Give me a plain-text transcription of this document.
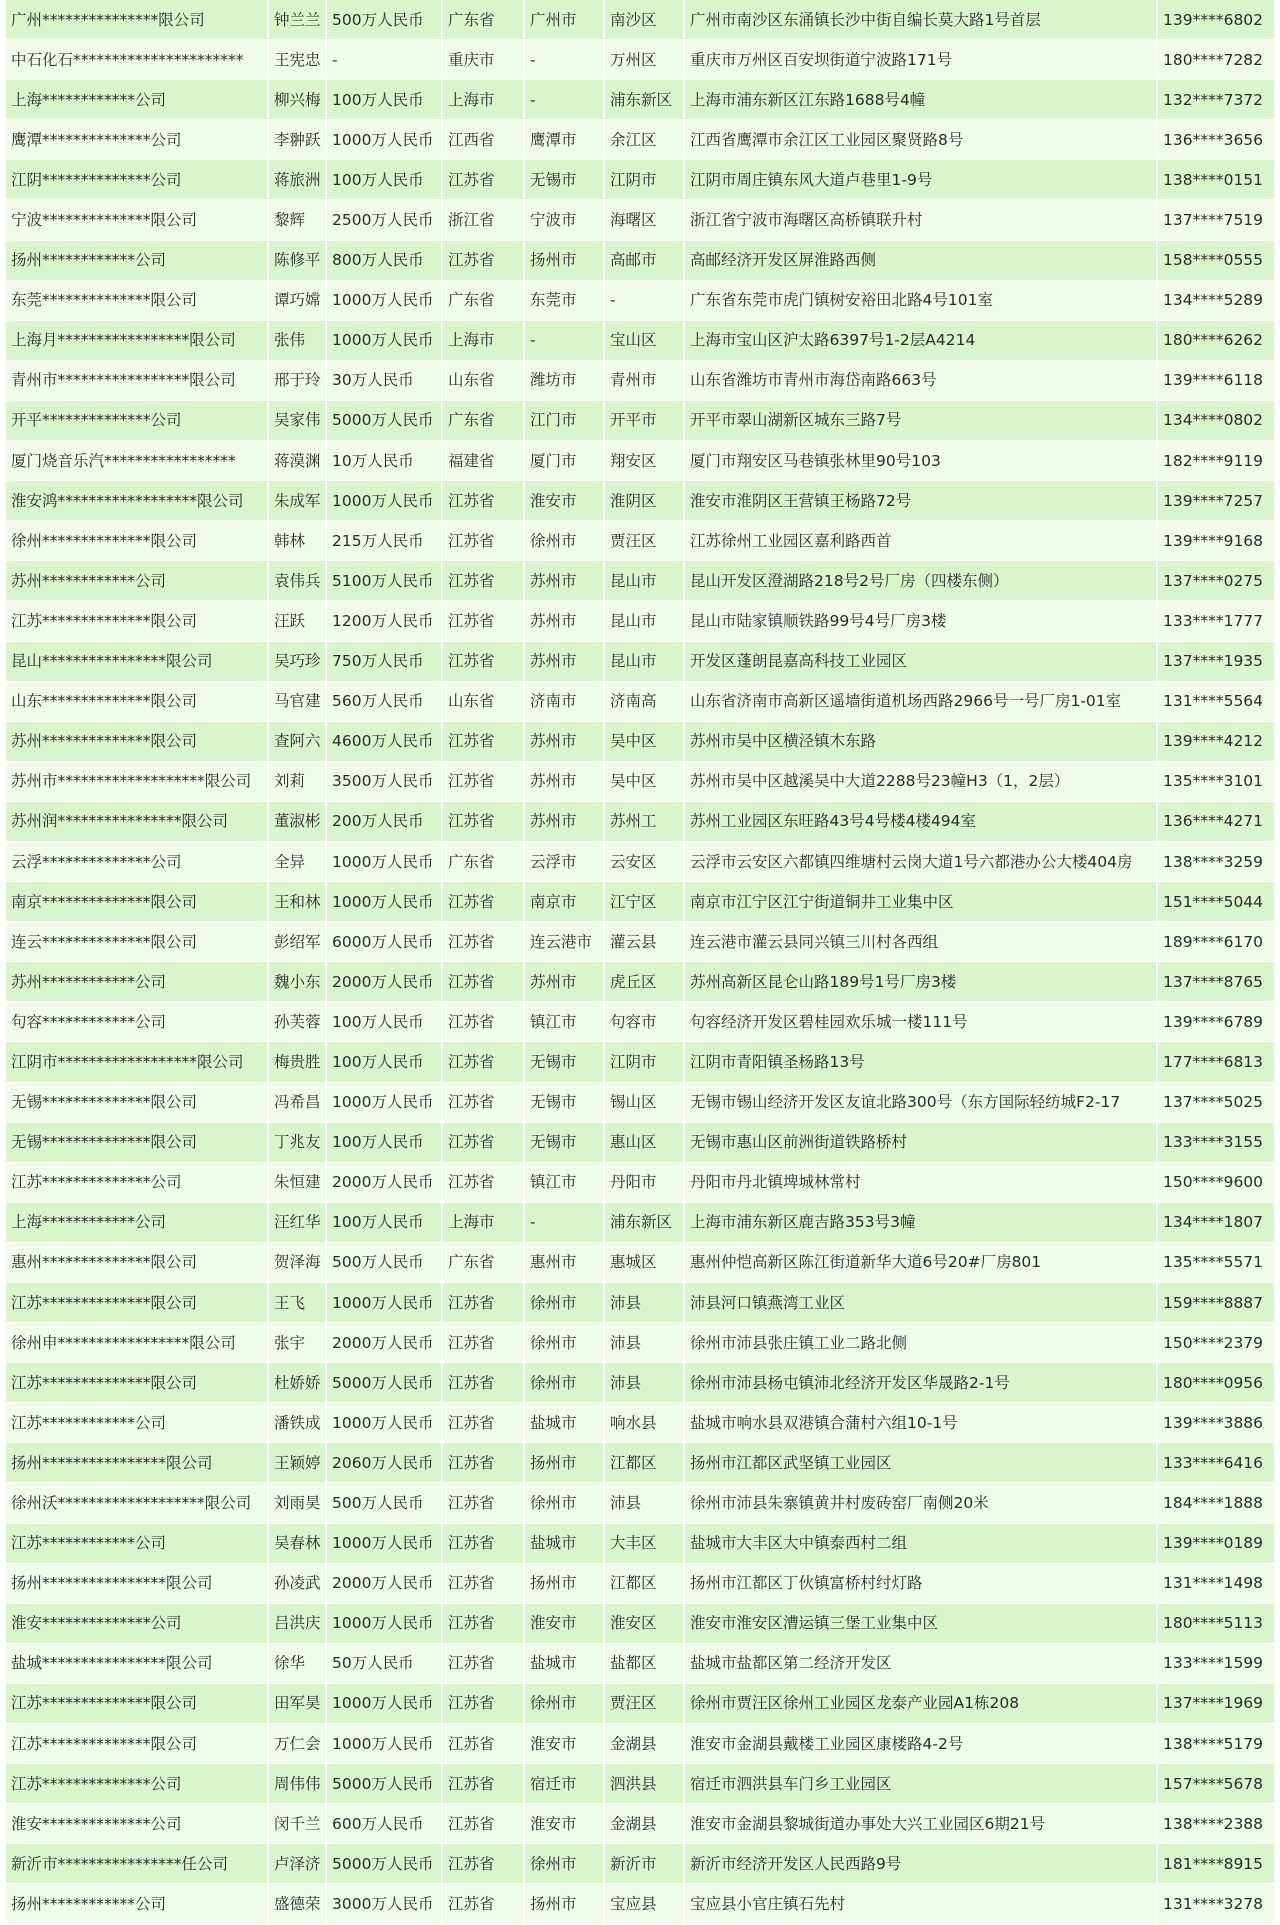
广州***************限公司	钟兰兰	500万人民币	广东省	广州市	南沙区	广州市南沙区东涌镇长沙中街自编长莫大路1号首层	139****6802
中石化石**********************	王宪忠	-	重庆市	-	万州区	重庆市万州区百安坝街道宁波路171号	180****7282
上海************公司	柳兴梅	100万人民币	上海市	-	浦东新区	上海市浦东新区江东路1688号4幢	132****7372
鹰潭**************公司	李翀跃	1000万人民币	江西省	鹰潭市	余江区	江西省鹰潭市余江区工业园区聚贤路8号	136****3656
江阴**************公司	蒋旅洲	100万人民币	江苏省	无锡市	江阴市	江阴市周庄镇东风大道卢巷里1-9号	138****0151
宁波**************限公司	黎辉	2500万人民币	浙江省	宁波市	海曙区	浙江省宁波市海曙区高桥镇联升村	137****7519
扬州************公司	陈修平	800万人民币	江苏省	扬州市	高邮市	高邮经济开发区屏淮路西侧	158****0555
东莞**************限公司	谭巧嫦	1000万人民币	广东省	东莞市	-	广东省东莞市虎门镇树安裕田北路4号101室	134****5289
上海月*****************限公司	张伟	1000万人民币	上海市	-	宝山区	上海市宝山区沪太路6397号1-2层A4214	180****6262
青州市*****************限公司	邢于玲	30万人民币	山东省	潍坊市	青州市	山东省潍坊市青州市海岱南路663号	139****6118
开平**************公司	吴家伟	5000万人民币	广东省	江门市	开平市	开平市翠山湖新区城东三路7号	134****0802
厦门烧音乐汽*****************	蒋漠渊	10万人民币	福建省	厦门市	翔安区	厦门市翔安区马巷镇张林里90号103	182****9119
淮安鸿******************限公司	朱成军	1000万人民币	江苏省	淮安市	淮阴区	淮安市淮阴区王营镇王杨路72号	139****7257
徐州**************限公司	韩林	215万人民币	江苏省	徐州市	贾汪区	江苏徐州工业园区嘉利路西首	139****9168
苏州************公司	袁伟兵	5100万人民币	江苏省	苏州市	昆山市	昆山开发区澄湖路218号2号厂房（四楼东侧）	137****0275
江苏**************限公司	汪跃	1200万人民币	江苏省	苏州市	昆山市	昆山市陆家镇顺铁路99号4号厂房3楼	133****1777
昆山****************限公司	吴巧珍	750万人民币	江苏省	苏州市	昆山市	开发区蓬朗昆嘉高科技工业园区	137****1935
山东**************限公司	马官建	560万人民币	山东省	济南市	济南高	山东省济南市高新区遥墙街道机场西路2966号一号厂房1-01室	131****5564
苏州**************限公司	查阿六	4600万人民币	江苏省	苏州市	吴中区	苏州市吴中区横泾镇木东路	139****4212
苏州市*******************限公司	刘莉	3500万人民币	江苏省	苏州市	吴中区	苏州市吴中区越溪吴中大道2288号23幢H3（1，2层）	135****3101
苏州润****************限公司	董淑彬	200万人民币	江苏省	苏州市	苏州工	苏州工业园区东旺路43号4号楼4楼494室	136****4271
云浮**************公司	全异	1000万人民币	广东省	云浮市	云安区	云浮市云安区六都镇四维塘村云岗大道1号六都港办公大楼404房	138****3259
南京**************限公司	王和林	1000万人民币	江苏省	南京市	江宁区	南京市江宁区江宁街道铜井工业集中区	151****5044
连云**************限公司	彭绍军	6000万人民币	江苏省	连云港市	灌云县	连云港市灌云县同兴镇三川村各西组	189****6170
苏州************公司	魏小东	2000万人民币	江苏省	苏州市	虎丘区	苏州高新区昆仑山路189号1号厂房3楼	137****8765
句容************公司	孙芙蓉	100万人民币	江苏省	镇江市	句容市	句容经济开发区碧桂园欢乐城一楼111号	139****6789
江阴市******************限公司	梅贵胜	100万人民币	江苏省	无锡市	江阴市	江阴市青阳镇圣杨路13号	177****6813
无锡**************限公司	冯希昌	1000万人民币	江苏省	无锡市	锡山区	无锡市锡山经济开发区友谊北路300号（东方国际轻纺城F2-17	137****5025
无锡**************限公司	丁兆友	100万人民币	江苏省	无锡市	惠山区	无锡市惠山区前洲街道铁路桥村	133****3155
江苏**************公司	朱恒建	2000万人民币	江苏省	镇江市	丹阳市	丹阳市丹北镇埤城林常村	150****9600
上海************公司	汪红华	100万人民币	上海市	-	浦东新区	上海市浦东新区鹿吉路353号3幢	134****1807
惠州**************限公司	贺泽海	500万人民币	广东省	惠州市	惠城区	惠州仲恺高新区陈江街道新华大道6号20#厂房801	135****5571
江苏**************限公司	王飞	1000万人民币	江苏省	徐州市	沛县	沛县河口镇燕湾工业区	159****8887
徐州申*****************限公司	张宇	2000万人民币	江苏省	徐州市	沛县	徐州市沛县张庄镇工业二路北侧	150****2379
江苏**************限公司	杜娇娇	5000万人民币	江苏省	徐州市	沛县	徐州市沛县杨屯镇沛北经济开发区华晟路2-1号	180****0956
江苏************公司	潘铁成	1000万人民币	江苏省	盐城市	响水县	盐城市响水县双港镇合蒲村六组10-1号	139****3886
扬州****************限公司	王颖婷	2060万人民币	江苏省	扬州市	江都区	扬州市江都区武坚镇工业园区	133****6416
徐州沃*******************限公司	刘雨昊	500万人民币	江苏省	徐州市	沛县	徐州市沛县朱寨镇黄井村废砖窑厂南侧20米	184****1888
江苏************公司	吴春林	1000万人民币	江苏省	盐城市	大丰区	盐城市大丰区大中镇泰西村二组	139****0189
扬州****************限公司	孙凌武	2000万人民币	江苏省	扬州市	江都区	扬州市江都区丁伙镇富桥村纣灯路	131****1498
淮安**************公司	吕洪庆	1000万人民币	江苏省	淮安市	淮安区	淮安市淮安区漕运镇三堡工业集中区	180****5113
盐城****************限公司	徐华	50万人民币	江苏省	盐城市	盐都区	盐城市盐都区第二经济开发区	133****1599
江苏**************限公司	田军昊	1000万人民币	江苏省	徐州市	贾汪区	徐州市贾汪区徐州工业园区龙泰产业园A1栋208	137****1969
江苏**************限公司	万仁会	1000万人民币	江苏省	淮安市	金湖县	淮安市金湖县戴楼工业园区康楼路4-2号	138****5179
江苏**************公司	周伟伟	5000万人民币	江苏省	宿迁市	泗洪县	宿迁市泗洪县车门乡工业园区	157****5678
淮安**************公司	闵千兰	600万人民币	江苏省	淮安市	金湖县	淮安市金湖县黎城街道办事处大兴工业园区6期21号	138****2388
新沂市****************任公司	卢泽济	5000万人民币	江苏省	徐州市	新沂市	新沂市经济开发区人民西路9号	181****8915
扬州************公司	盛德荣	3000万人民币	江苏省	扬州市	宝应县	宝应县小官庄镇石先村	131****3278
